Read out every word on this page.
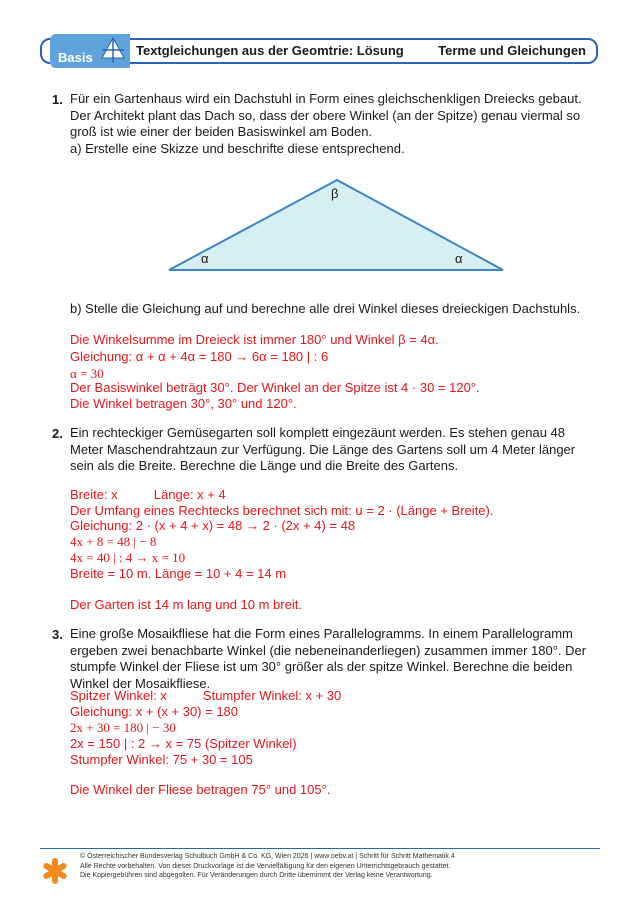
Basis	Textgleichungen aus der Geomtrie: Lösung	Terme und Gleichungen
1. Für ein Gartenhaus wird ein Dachstuhl in Form eines gleichschenkligen Dreiecks gebaut. Der Architekt plant das Dach so, dass der obere Winkel (an der Spitze) genau viermal so groß ist wie einer der beiden Basiswinkel am Boden.
a) Erstelle eine Skizze und beschrifte diese entsprechend.
β
α	α
b) Stelle die Gleichung auf und berechne alle drei Winkel dieses dreieckigen Dachstuhls.
Die Winkelsumme im Dreieck ist immer 180° und Winkel β = 4α.
Gleichung: α + α + 4α = 180 → 6α = 180 | : 6
α = 30
Der Basiswinkel beträgt 30°. Der Winkel an der Spitze ist 4 · 30 = 120°.
Die Winkel betragen 30°, 30° und 120°.
2. Ein rechteckiger Gemüsegarten soll komplett eingezäunt werden. Es stehen genau 48 Meter Maschendrahtzaun zur Verfügung. Die Länge des Gartens soll um 4 Meter länger sein als die Breite. Berechne die Länge und die Breite des Gartens.
Breite: x          Länge: x + 4
Der Umfang eines Rechtecks berechnet sich mit: u = 2 · (Länge + Breite).
Gleichung: 2 · (x + 4 + x) = 48 → 2 · (2x + 4) = 48
4x + 8 = 48 | − 8
4x = 40 | : 4 → x = 10
Breite = 10 m. Länge = 10 + 4 = 14 m
Der Garten ist 14 m lang und 10 m breit.
3. Eine große Mosaikfliese hat die Form eines Parallelogramms. In einem Parallelogramm ergeben zwei benachbarte Winkel (die nebeneinanderliegen) zusammen immer 180°. Der stumpfe Winkel der Fliese ist um 30° größer als der spitze Winkel. Berechne die beiden Winkel der Mosaikfliese.
Spitzer Winkel: x          Stumpfer Winkel: x + 30
Gleichung: x + (x + 30) = 180
2x + 30 = 180 | − 30
2x = 150 | : 2 → x = 75 (Spitzer Winkel)
Stumpfer Winkel: 75 + 30 = 105
Die Winkel der Fliese betragen 75° und 105°.
© Österreichischer Bundesverlag Schulbuch GmbH & Co. KG, Wien 2026 | www.oebv.at | Schritt für Schritt Mathematik 4
Alle Rechte vorbehalten. Von dieser Druckvorlage ist die Vervielfältigung für den eigenen Unterrichtsgebrauch gestattet.
Die Kopiergebühren sind abgegolten. Für Veränderungen durch Dritte übernimmt der Verlag keine Verantwortung.
